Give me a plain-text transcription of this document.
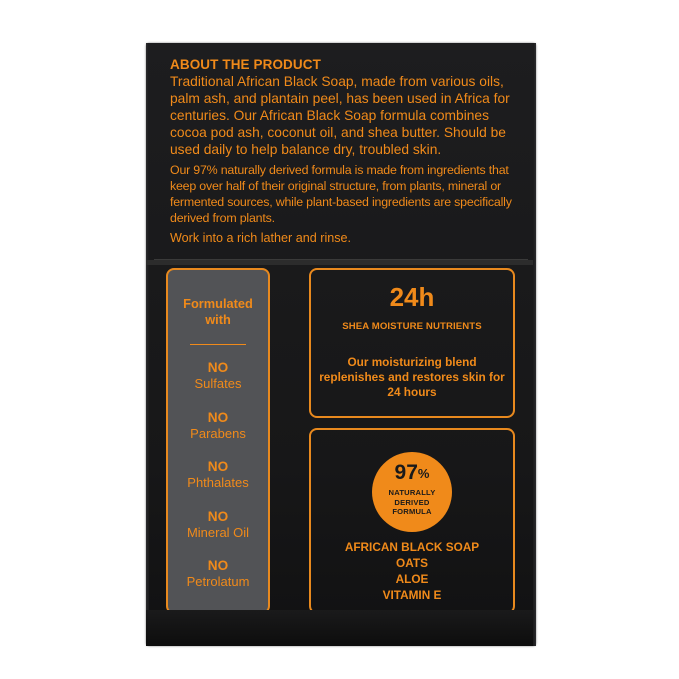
ABOUT THE PRODUCT

Traditional African Black Soap, made from various oils, palm ash, and plantain peel, has been used in Africa for centuries. Our African Black Soap formula combines cocoa pod ash, coconut oil, and shea butter. Should be used daily to help balance dry, troubled skin.

Our 97% naturally derived formula is made from ingredients that keep over half of their original structure, from plants, mineral or fermented sources, while plant-based ingredients are specifically derived from plants.

Work into a rich lather and rinse.

Formulated
with
NO
Sulfates
NO
Parabens
NO
Phthalates
NO
Mineral Oil
NO
Petrolatum
24h
SHEA MOISTURE NUTRIENTS
Our moisturizing blend replenishes and restores skin for 24 hours
97%
NATURALLY
DERIVED
FORMULA
AFRICAN BLACK SOAP
OATS
ALOE
VITAMIN E
